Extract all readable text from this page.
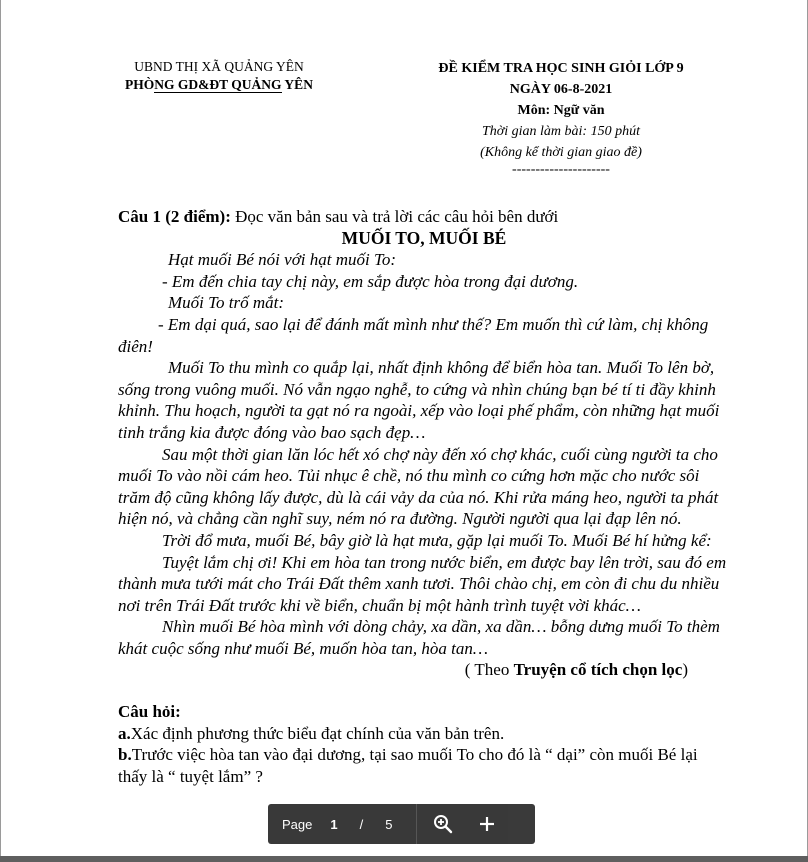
UBND THỊ XÃ QUẢNG YÊN
PHÒNG GD&ĐT QUẢNG YÊN
ĐỀ KIỂM TRA HỌC SINH GIỎI LỚP 9
NGÀY 06-8-2021
Môn: Ngữ văn
Thời gian làm bài: 150 phút
(Không kể thời gian giao đề)
---------------------

Câu 1 (2 điểm): Đọc văn bản sau và trả lời các câu hỏi bên dưới

MUỐI TO, MUỐI BÉ

Hạt muối Bé nói với hạt muối To:

- Em đến chia tay chị này, em sắp được hòa trong đại dương.

Muối To trố mắt:

- Em dại quá, sao lại để đánh mất mình như thế? Em muốn thì cứ làm, chị không điên!

Muối To thu mình co quắp lại, nhất định không để biển hòa tan. Muối To lên bờ, sống trong vuông muối. Nó vẫn ngạo nghễ, to cứng và nhìn chúng bạn bé tí ti đầy khinh khỉnh. Thu hoạch, người ta gạt nó ra ngoài, xếp vào loại phế phẩm, còn những hạt muối tinh trắng kia được đóng vào bao sạch đẹp…

Sau một thời gian lăn lóc hết xó chợ này đến xó chợ khác, cuối cùng người ta cho muối To vào nồi cám heo. Tủi nhục ê chề, nó thu mình co cứng hơn mặc cho nước sôi trăm độ cũng không lấy được, dù là cái vảy da của nó. Khi rửa máng heo, người ta phát hiện nó, và chẳng cần nghĩ suy, ném nó ra đường. Người người qua lại đạp lên nó.

Trời đổ mưa, muối Bé, bây giờ là hạt mưa, gặp lại muối To. Muối Bé hí hửng kể:

Tuyệt lắm chị ơi! Khi em hòa tan trong nước biển, em được bay lên trời, sau đó em thành mưa tưới mát cho Trái Đất thêm xanh tươi. Thôi chào chị, em còn đi chu du nhiều nơi trên Trái Đất trước khi về biển, chuẩn bị một hành trình tuyệt vời khác…

Nhìn muối Bé hòa mình với dòng chảy, xa dần, xa dần… bỗng dưng muối To thèm khát cuộc sống như muối Bé, muốn hòa tan, hòa tan…

( Theo Truyện cổ tích chọn lọc)

Câu hỏi:

a.Xác định phương thức biểu đạt chính của văn bản trên.

b.Trước việc hòa tan vào đại dương, tại sao muối To cho đó là “ dại” còn muối Bé lại thấy là “ tuyệt lắm” ?

Page 1 / 5
